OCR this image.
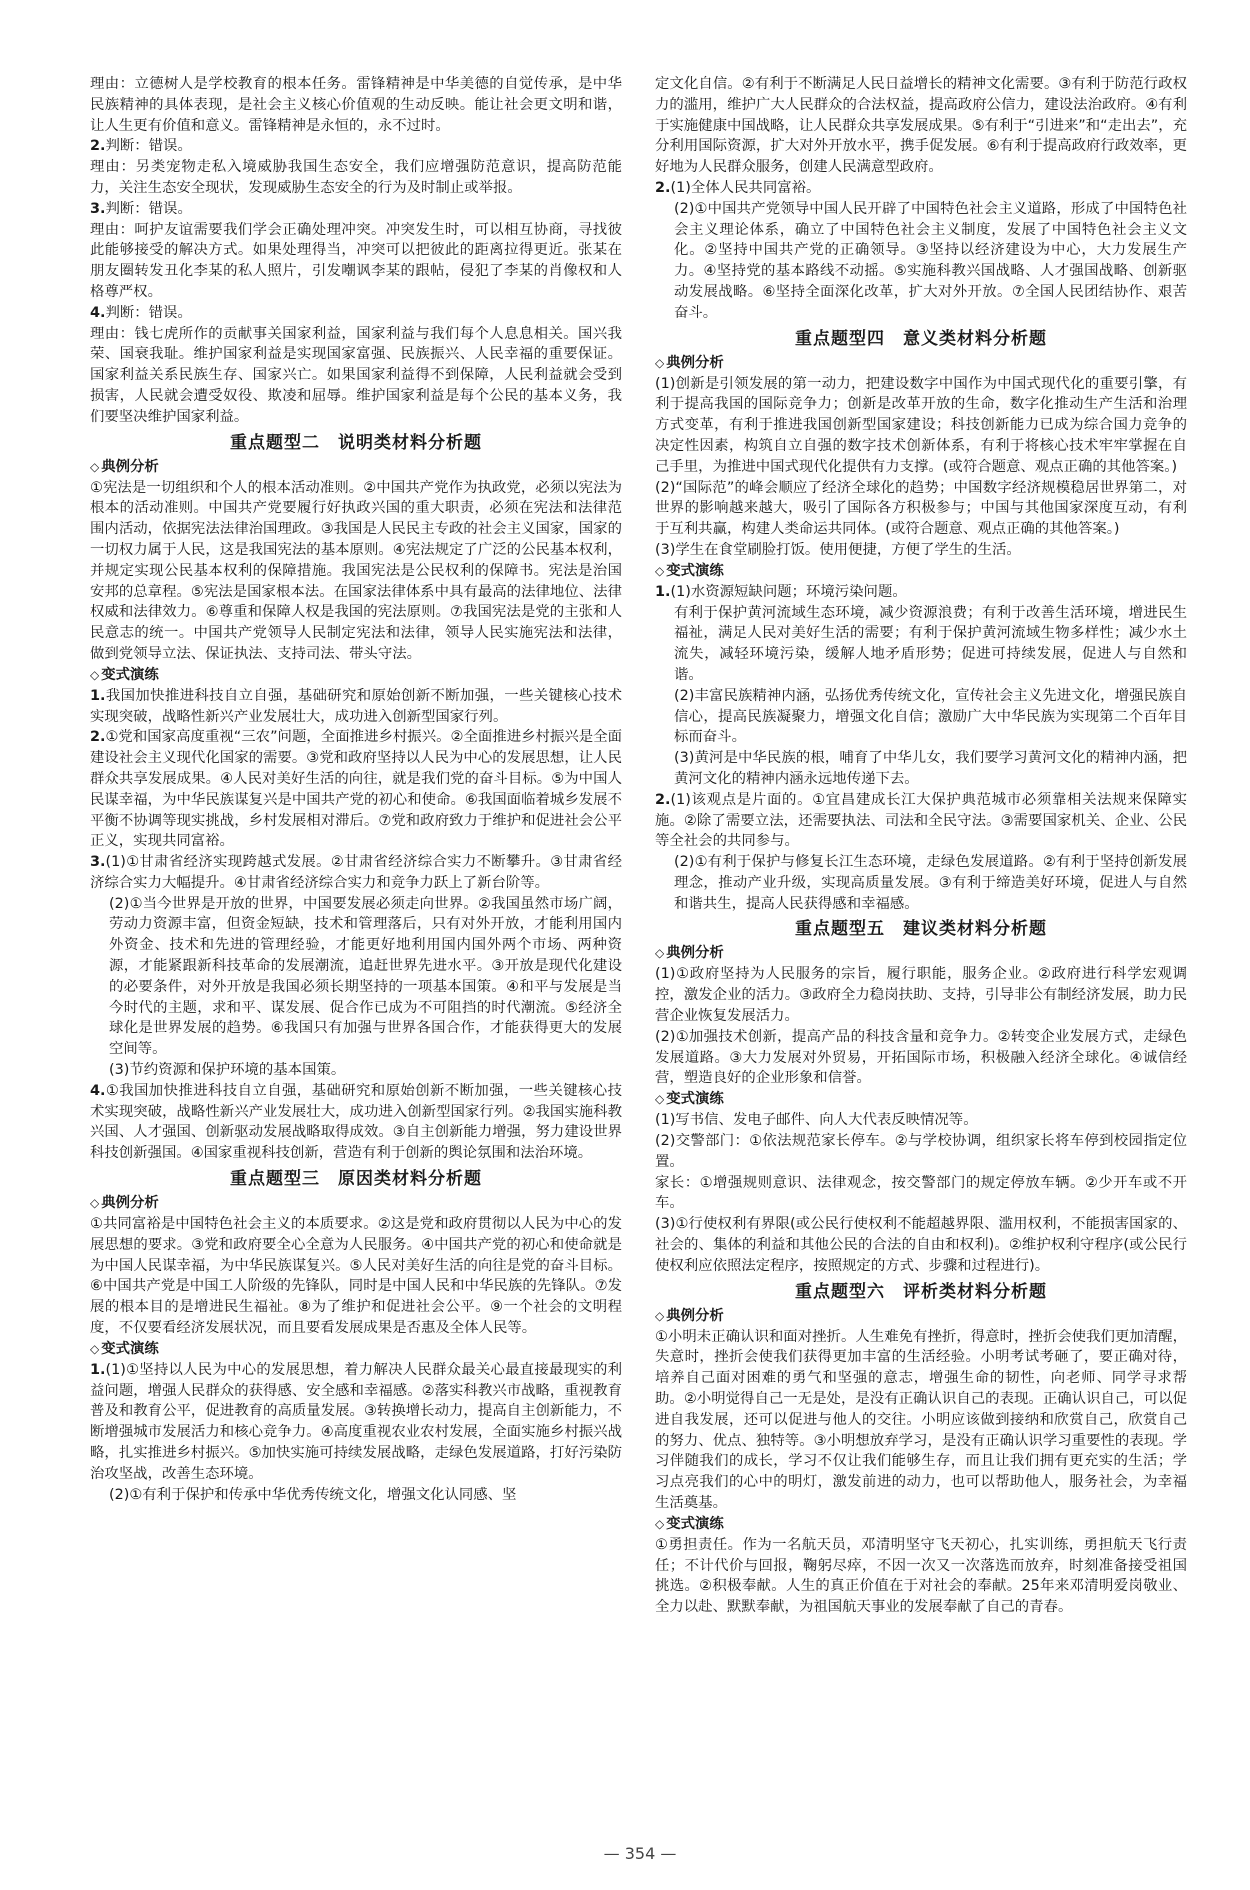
理由：立德树人是学校教育的根本任务。雷锋精神是中华美德的自觉传承，是中华民族精神的具体表现，是社会主义核心价值观的生动反映。能让社会更文明和谐，让人生更有价值和意义。雷锋精神是永恒的，永不过时。
2.判断：错误。
理由：另类宠物走私入境威胁我国生态安全，我们应增强防范意识，提高防范能力，关注生态安全现状，发现威胁生态安全的行为及时制止或举报。
3.判断：错误。
理由：呵护友谊需要我们学会正确处理冲突。冲突发生时，可以相互协商，寻找彼此能够接受的解决方式。如果处理得当，冲突可以把彼此的距离拉得更近。张某在朋友圈转发丑化李某的私人照片，引发嘲讽李某的跟帖，侵犯了李某的肖像权和人格尊严权。
4.判断：错误。
理由：钱七虎所作的贡献事关国家利益，国家利益与我们每个人息息相关。国兴我荣、国衰我耻。维护国家利益是实现国家富强、民族振兴、人民幸福的重要保证。国家利益关系民族生存、国家兴亡。如果国家利益得不到保障，人民利益就会受到损害，人民就会遭受奴役、欺凌和屈辱。维护国家利益是每个公民的基本义务，我们要坚决维护国家利益。
重点题型二　说明类材料分析题
◇ 典例分析
①宪法是一切组织和个人的根本活动准则。②中国共产党作为执政党，必须以宪法为根本的活动准则。中国共产党要履行好执政兴国的重大职责，必须在宪法和法律范围内活动，依据宪法法律治国理政。③我国是人民民主专政的社会主义国家，国家的一切权力属于人民，这是我国宪法的基本原则。④宪法规定了广泛的公民基本权利，并规定实现公民基本权利的保障措施。我国宪法是公民权利的保障书。宪法是治国安邦的总章程。⑤宪法是国家根本法。在国家法律体系中具有最高的法律地位、法律权威和法律效力。⑥尊重和保障人权是我国的宪法原则。⑦我国宪法是党的主张和人民意志的统一。中国共产党领导人民制定宪法和法律，领导人民实施宪法和法律，做到党领导立法、保证执法、支持司法、带头守法。
◇ 变式演练
1.我国加快推进科技自立自强，基础研究和原始创新不断加强，一些关键核心技术实现突破，战略性新兴产业发展壮大，成功进入创新型国家行列。
2.①党和国家高度重视“三农”问题，全面推进乡村振兴。②全面推进乡村振兴是全面建设社会主义现代化国家的需要。③党和政府坚持以人民为中心的发展思想，让人民群众共享发展成果。④人民对美好生活的向往，就是我们党的奋斗目标。⑤为中国人民谋幸福，为中华民族谋复兴是中国共产党的初心和使命。⑥我国面临着城乡发展不平衡不协调等现实挑战，乡村发展相对滞后。⑦党和政府致力于维护和促进社会公平正义，实现共同富裕。
3.(1)①甘肃省经济实现跨越式发展。②甘肃省经济综合实力不断攀升。③甘肃省经济综合实力大幅提升。④甘肃省经济综合实力和竞争力跃上了新台阶等。
(2)①当今世界是开放的世界，中国要发展必须走向世界。②我国虽然市场广阔，劳动力资源丰富，但资金短缺，技术和管理落后，只有对外开放，才能利用国内外资金、技术和先进的管理经验，才能更好地利用国内国外两个市场、两种资源，才能紧跟新科技革命的发展潮流，追赶世界先进水平。③开放是现代化建设的必要条件，对外开放是我国必须长期坚持的一项基本国策。④和平与发展是当今时代的主题，求和平、谋发展、促合作已成为不可阻挡的时代潮流。⑤经济全球化是世界发展的趋势。⑥我国只有加强与世界各国合作，才能获得更大的发展空间等。
(3)节约资源和保护环境的基本国策。
4.①我国加快推进科技自立自强，基础研究和原始创新不断加强，一些关键核心技术实现突破，战略性新兴产业发展壮大，成功进入创新型国家行列。②我国实施科教兴国、人才强国、创新驱动发展战略取得成效。③自主创新能力增强，努力建设世界科技创新强国。④国家重视科技创新，营造有利于创新的舆论氛围和法治环境。
重点题型三　原因类材料分析题
◇ 典例分析
①共同富裕是中国特色社会主义的本质要求。②这是党和政府贯彻以人民为中心的发展思想的要求。③党和政府要全心全意为人民服务。④中国共产党的初心和使命就是为中国人民谋幸福，为中华民族谋复兴。⑤人民对美好生活的向往是党的奋斗目标。⑥中国共产党是中国工人阶级的先锋队，同时是中国人民和中华民族的先锋队。⑦发展的根本目的是增进民生福祉。⑧为了维护和促进社会公平。⑨一个社会的文明程度，不仅要看经济发展状况，而且要看发展成果是否惠及全体人民等。
◇ 变式演练
1.(1)①坚持以人民为中心的发展思想，着力解决人民群众最关心最直接最现实的利益问题，增强人民群众的获得感、安全感和幸福感。②落实科教兴市战略，重视教育普及和教育公平，促进教育的高质量发展。③转换增长动力，提高自主创新能力，不断增强城市发展活力和核心竞争力。④高度重视农业农村发展，全面实施乡村振兴战略，扎实推进乡村振兴。⑤加快实施可持续发展战略，走绿色发展道路，打好污染防治攻坚战，改善生态环境。
(2)①有利于保护和传承中华优秀传统文化，增强文化认同感、坚
定文化自信。②有利于不断满足人民日益增长的精神文化需要。③有利于防范行政权力的滥用，维护广大人民群众的合法权益，提高政府公信力，建设法治政府。④有利于实施健康中国战略，让人民群众共享发展成果。⑤有利于“引进来”和“走出去”，充分利用国际资源，扩大对外开放水平，携手促发展。⑥有利于提高政府行政效率，更好地为人民群众服务，创建人民满意型政府。
2.(1)全体人民共同富裕。
(2)①中国共产党领导中国人民开辟了中国特色社会主义道路，形成了中国特色社会主义理论体系，确立了中国特色社会主义制度，发展了中国特色社会主义文化。②坚持中国共产党的正确领导。③坚持以经济建设为中心，大力发展生产力。④坚持党的基本路线不动摇。⑤实施科教兴国战略、人才强国战略、创新驱动发展战略。⑥坚持全面深化改革，扩大对外开放。⑦全国人民团结协作、艰苦奋斗。
重点题型四　意义类材料分析题
◇ 典例分析
(1)创新是引领发展的第一动力，把建设数字中国作为中国式现代化的重要引擎，有利于提高我国的国际竞争力；创新是改革开放的生命，数字化推动生产生活和治理方式变革，有利于推进我国创新型国家建设；科技创新能力已成为综合国力竞争的决定性因素，构筑自立自强的数字技术创新体系，有利于将核心技术牢牢掌握在自己手里，为推进中国式现代化提供有力支撑。(或符合题意、观点正确的其他答案。)
(2)“国际范”的峰会顺应了经济全球化的趋势；中国数字经济规模稳居世界第二，对世界的影响越来越大，吸引了国际各方积极参与；中国与其他国家深度互动，有利于互利共赢，构建人类命运共同体。(或符合题意、观点正确的其他答案。)
(3)学生在食堂刷脸打饭。使用便捷，方便了学生的生活。
◇ 变式演练
1.(1)水资源短缺问题；环境污染问题。
有利于保护黄河流域生态环境，减少资源浪费；有利于改善生活环境，增进民生福祉，满足人民对美好生活的需要；有利于保护黄河流域生物多样性；减少水土流失，减轻环境污染，缓解人地矛盾形势；促进可持续发展，促进人与自然和谐。
(2)丰富民族精神内涵，弘扬优秀传统文化，宣传社会主义先进文化，增强民族自信心，提高民族凝聚力，增强文化自信；激励广大中华民族为实现第二个百年目标而奋斗。
(3)黄河是中华民族的根，哺育了中华儿女，我们要学习黄河文化的精神内涵，把黄河文化的精神内涵永远地传递下去。
2.(1)该观点是片面的。①宜昌建成长江大保护典范城市必须靠相关法规来保障实施。②除了需要立法，还需要执法、司法和全民守法。③需要国家机关、企业、公民等全社会的共同参与。
(2)①有利于保护与修复长江生态环境，走绿色发展道路。②有利于坚持创新发展理念，推动产业升级，实现高质量发展。③有利于缔造美好环境，促进人与自然和谐共生，提高人民获得感和幸福感。
重点题型五　建议类材料分析题
◇ 典例分析
(1)①政府坚持为人民服务的宗旨，履行职能，服务企业。②政府进行科学宏观调控，激发企业的活力。③政府全力稳岗扶助、支持，引导非公有制经济发展，助力民营企业恢复发展活力。
(2)①加强技术创新，提高产品的科技含量和竞争力。②转变企业发展方式，走绿色发展道路。③大力发展对外贸易，开拓国际市场，积极融入经济全球化。④诚信经营，塑造良好的企业形象和信誉。
◇ 变式演练
(1)写书信、发电子邮件、向人大代表反映情况等。
(2)交警部门：①依法规范家长停车。②与学校协调，组织家长将车停到校园指定位置。
家长：①增强规则意识、法律观念，按交警部门的规定停放车辆。②少开车或不开车。
(3)①行使权利有界限(或公民行使权利不能超越界限、滥用权利，不能损害国家的、社会的、集体的利益和其他公民的合法的自由和权利)。②维护权利守程序(或公民行使权利应依照法定程序，按照规定的方式、步骤和过程进行)。
重点题型六　评析类材料分析题
◇ 典例分析
①小明未正确认识和面对挫折。人生难免有挫折，得意时，挫折会使我们更加清醒，失意时，挫折会使我们获得更加丰富的生活经验。小明考试考砸了，要正确对待，培养自己面对困难的勇气和坚强的意志，增强生命的韧性，向老师、同学寻求帮助。②小明觉得自己一无是处，是没有正确认识自己的表现。正确认识自己，可以促进自我发展，还可以促进与他人的交往。小明应该做到接纳和欣赏自己，欣赏自己的努力、优点、独特等。③小明想放弃学习，是没有正确认识学习重要性的表现。学习伴随我们的成长，学习不仅让我们能够生存，而且让我们拥有更充实的生活；学习点亮我们的心中的明灯，激发前进的动力，也可以帮助他人，服务社会，为幸福生活奠基。
◇ 变式演练
①勇担责任。作为一名航天员，邓清明坚守飞天初心，扎实训练，勇担航天飞行责任；不计代价与回报，鞠躬尽瘁，不因一次又一次落选而放弃，时刻准备接受祖国挑选。②积极奉献。人生的真正价值在于对社会的奉献。25年来邓清明爱岗敬业、全力以赴、默默奉献，为祖国航天事业的发展奉献了自己的青春。
— 354 —
